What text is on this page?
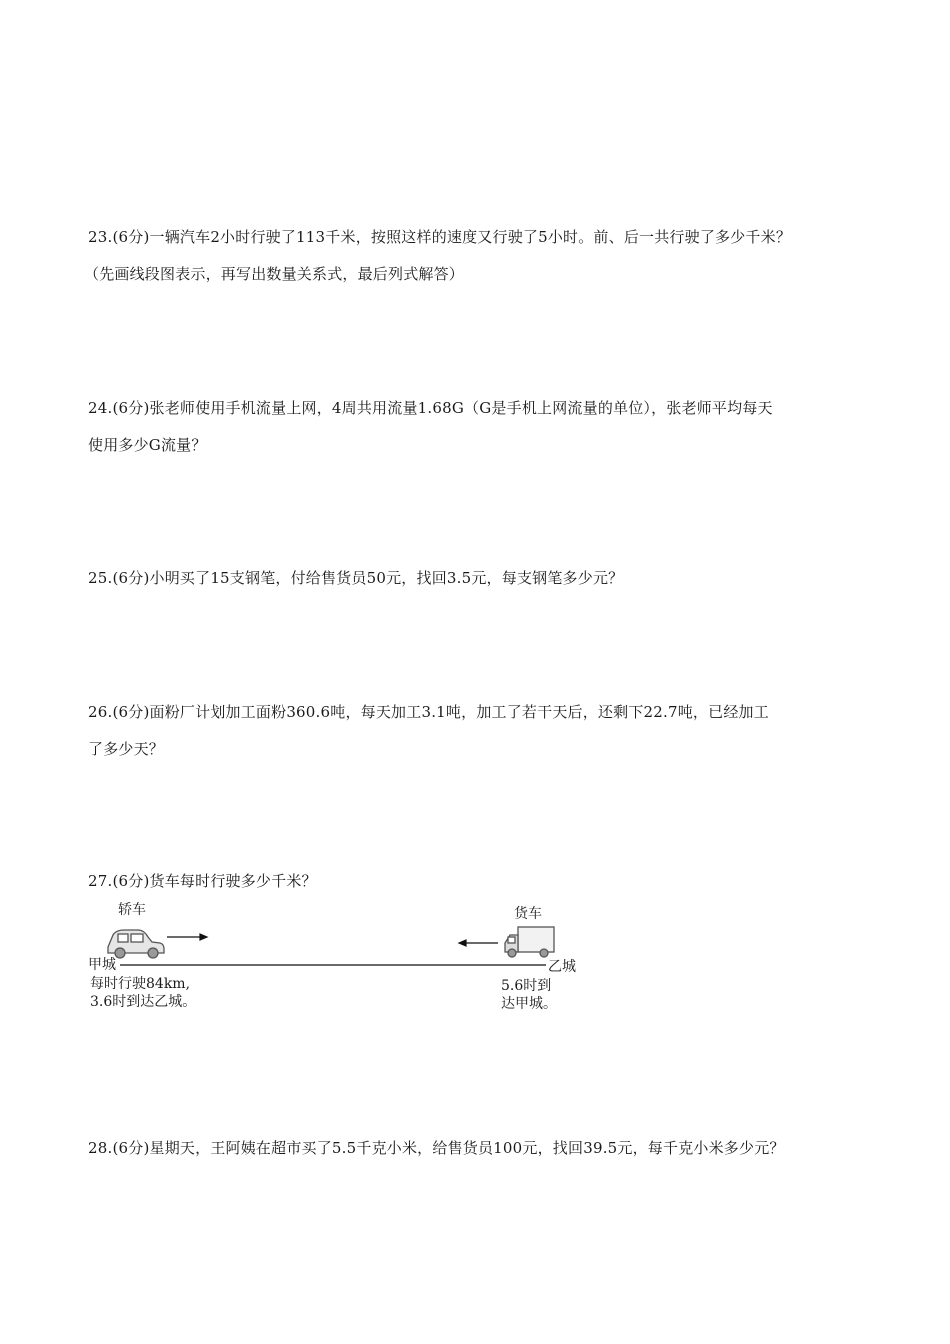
23.(6分)一辆汽车2小时行驶了113千米，按照这样的速度又行驶了5小时。前、后一共行驶了多少千米？
（先画线段图表示，再写出数量关系式，最后列式解答）
24.(6分)张老师使用手机流量上网，4周共用流量1.68G（G是手机上网流量的单位），张老师平均每天
使用多少G流量？
25.(6分)小明买了15支钢笔，付给售货员50元，找回3.5元，每支钢笔多少元？
26.(6分)面粉厂计划加工面粉360.6吨，每天加工3.1吨，加工了若干天后，还剩下22.7吨，已经加工
了多少天？
27.(6分)货车每时行驶多少千米？
轿车	货车
甲城	乙城
每时行驶84km,
3.6时到达乙城。
5.6时到
达甲城。
28.(6分)星期天，王阿姨在超市买了5.5千克小米，给售货员100元，找回39.5元，每千克小米多少元？
